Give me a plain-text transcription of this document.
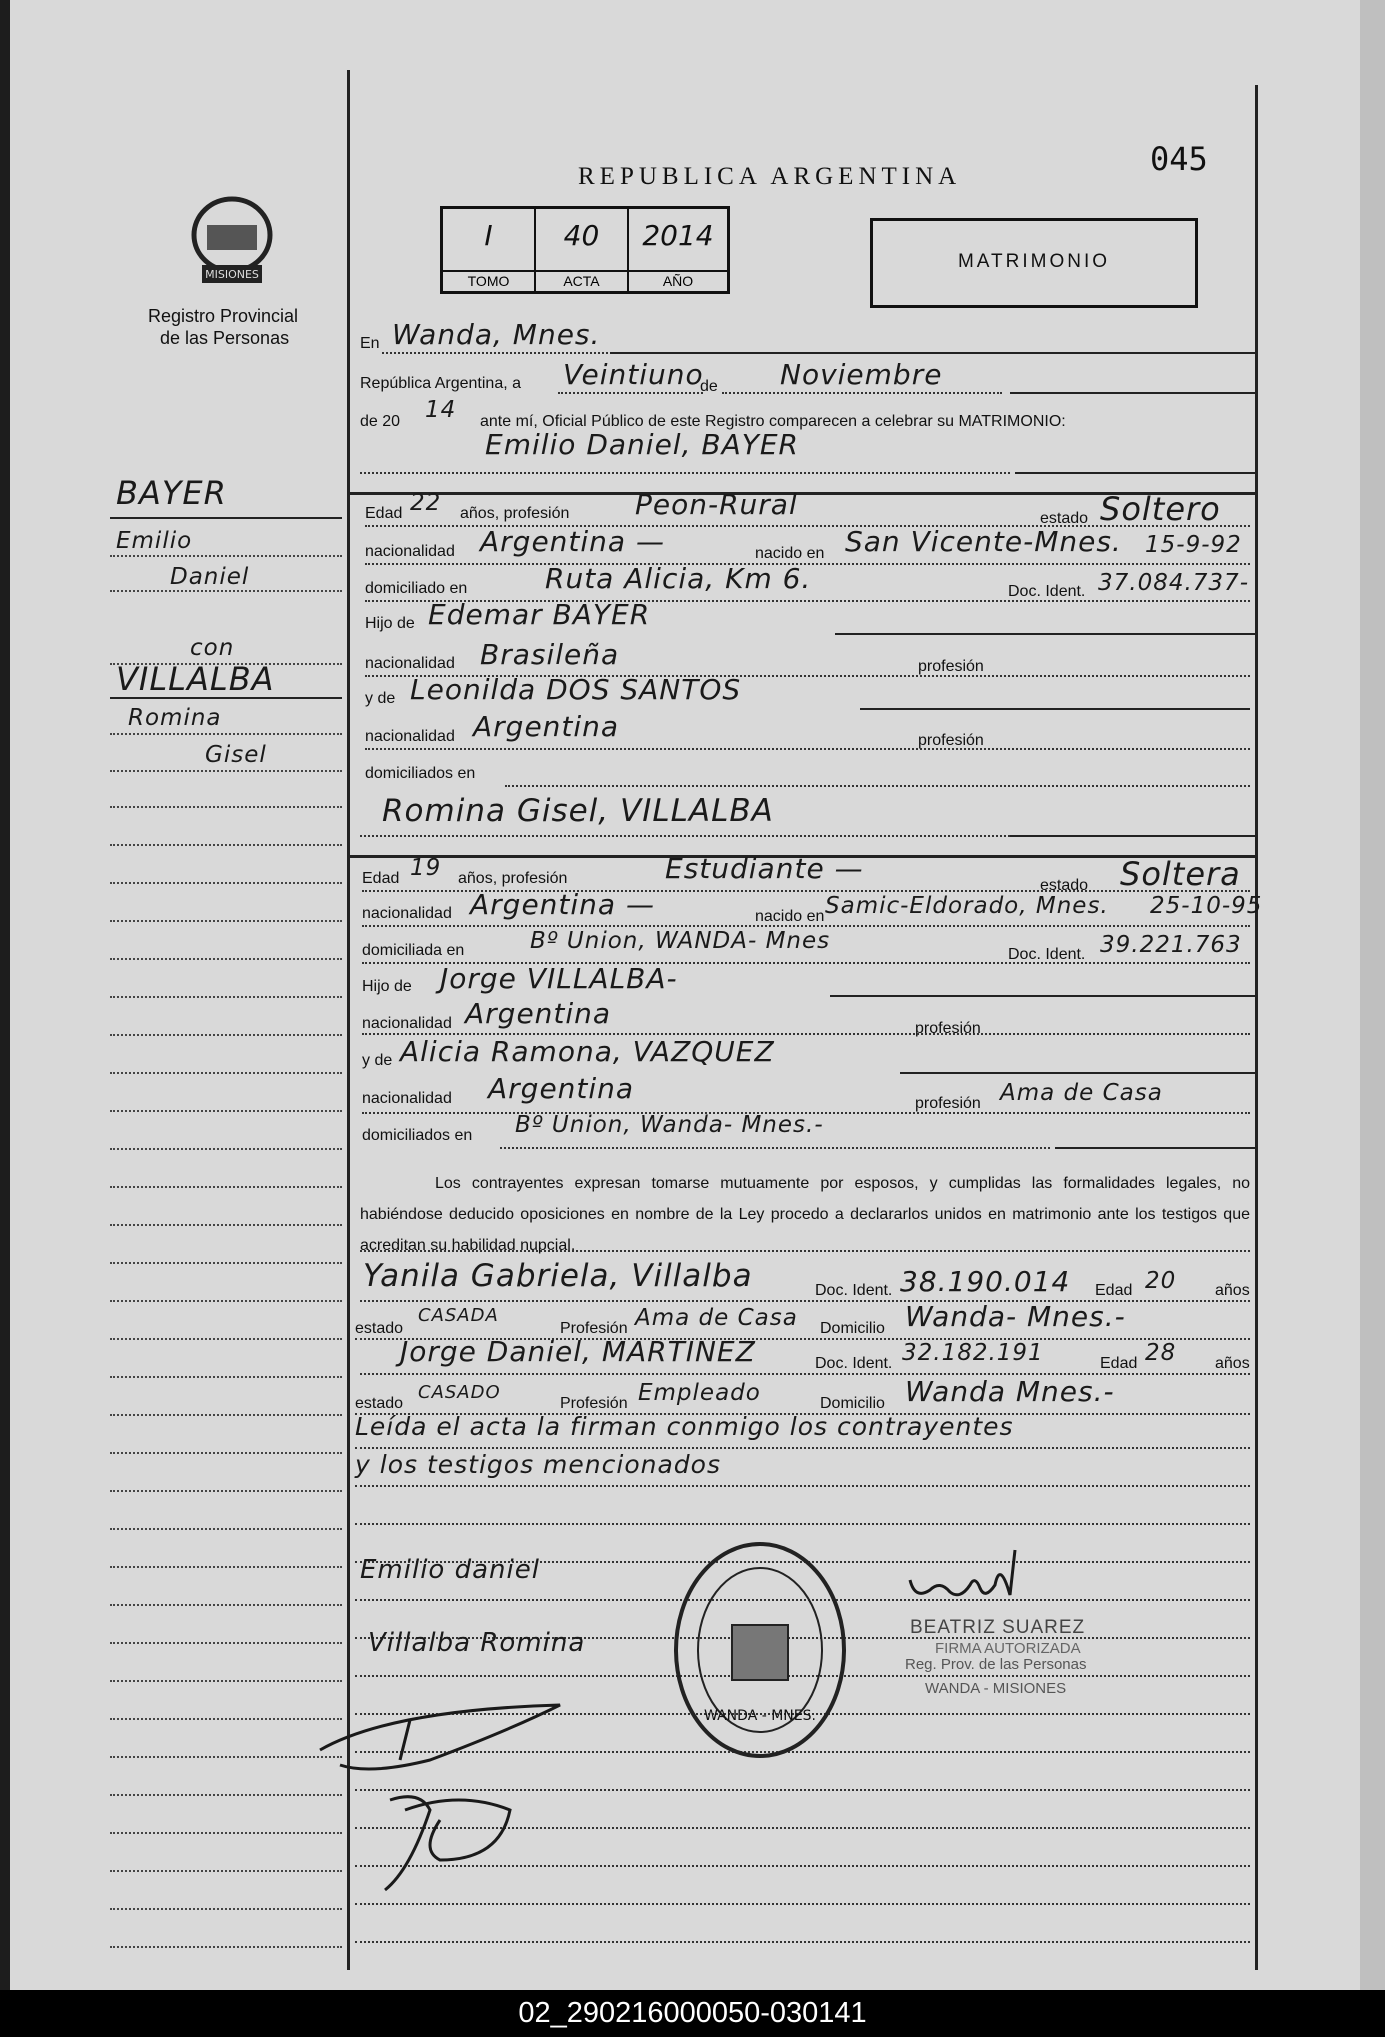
MISIONES
Registro Provincial
de las Personas
REPUBLICA ARGENTINA	045
I
TOMO
40
ACTA
2014
AÑO
MATRIMONIO
BAYER
Emilio
Daniel
con
VILLALBA
Romina
Gisel
En Wanda, Mnes.
República Argentina, a Veintiuno
de Noviembre
de 20 14 ante mí, Oficial Público de este Registro comparecen a celebrar su MATRIMONIO:
Emilio Daniel, BAYER
Edad 22 años, profesión Peon-Rural	estado Soltero
nacionalidad Argentina —	nacido en San Vicente-Mnes. 15-9-92
domiciliado en	Ruta Alicia, Km 6.	Doc. Ident. 37.084.737-
Hijo de Edemar BAYER
nacionalidad Brasileña	profesión
y de Leonilda DOS SANTOS
nacionalidad Argentina	profesión
domiciliados en
Romina Gisel, VILLALBA
Edad 19 años, profesión	Estudiante —
estado Soltera
nacionalidad Argentina —	nacido en Samic-Eldorado, Mnes. 25-10-95
domiciliada en	Bº Union, WANDA- Mnes
Doc. Ident. 39.221.763
Hijo de Jorge VILLALBA-
nacionalidad Argentina	profesión
y de Alicia Ramona, VAZQUEZ
nacionalidad Argentina	profesión Ama de Casa
domiciliados en Bº Union, Wanda- Mnes.-
Los contrayentes expresan tomarse mutuamente por esposos, y cumplidas las formalidades legales, no habiéndose deducido oposiciones en nombre de la Ley procedo a declararlos unidos en matrimonio ante los testigos que acreditan su habilidad nupcial.
Yanila Gabriela, Villalba	Doc. Ident. 38.190.014 Edad 20 años
estado
CASADA
Profesión Ama de Casa Domicilio Wanda- Mnes.-
Jorge Daniel, MARTINEZ	Doc. Ident. 32.182.191	Edad 28 años
estado
CASADO
Profesión Empleado	Domicilio Wanda Mnes.-
Leída el acta la firman conmigo los contrayentes
y los testigos mencionados
Emilio daniel
Villalba Romina
BEATRIZ SUAREZ
FIRMA AUTORIZADA
Reg. Prov. de las Personas
WANDA - MISIONES
WANDA - MNES.
02_290216000050-030141
